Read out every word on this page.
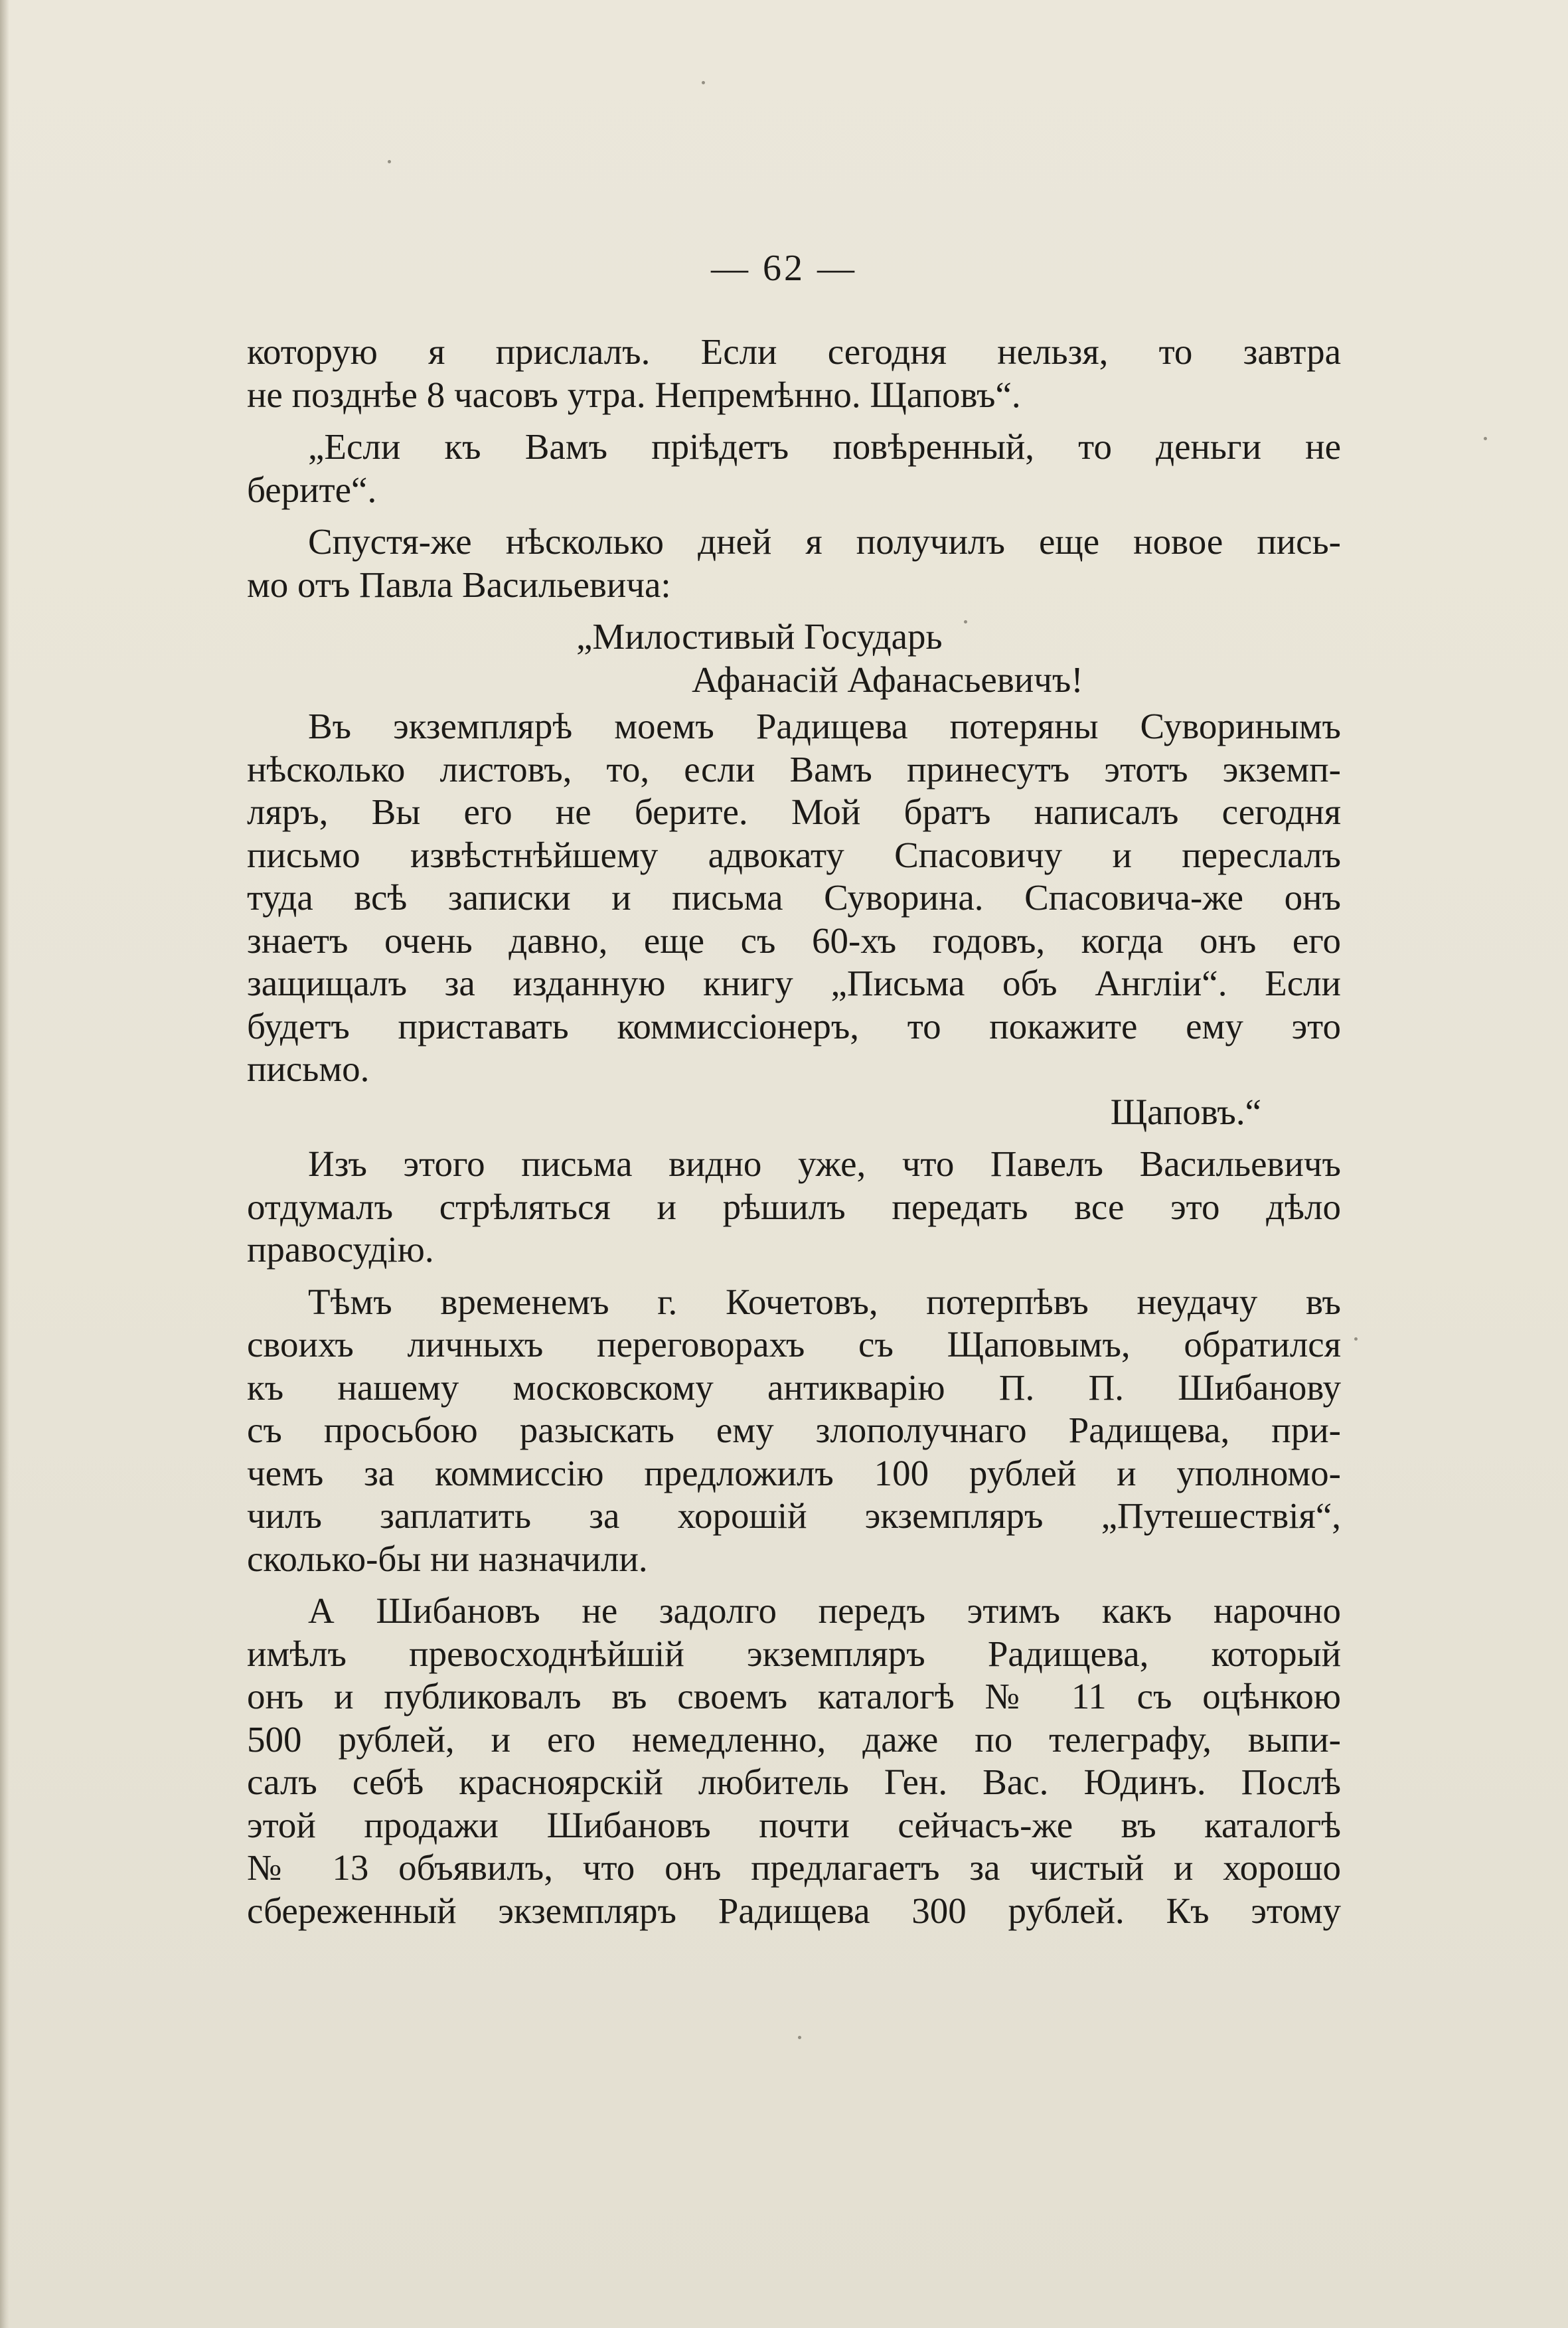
— 62 —
которую я прислалъ. Если сегодня нельзя, то завтра
не позднѣе 8 часовъ утра. Непремѣнно. Щаповъ“.
„Если къ Вамъ пріѣдетъ повѣренный, то деньги не
берите“.
Спустя-же нѣсколько дней я получилъ еще новое пись-
мо отъ Павла Васильевича:
„Милостивый Государь
Афанасій Афанасьевичъ!
Въ экземплярѣ моемъ Радищева потеряны Суворинымъ
нѣсколько листовъ, то, если Вамъ принесутъ этотъ экземп-
ляръ, Вы его не берите. Мой братъ написалъ сегодня
письмо извѣстнѣйшему адвокату Спасовичу и переслалъ
туда всѣ записки и письма Суворина. Спасовича-же онъ
знаетъ очень давно, еще съ 60-хъ годовъ, когда онъ его
защищалъ за изданную книгу „Письма объ Англіи“. Если
будетъ приставать коммиссіонеръ, то покажите ему это
письмо.
Щаповъ.“
Изъ этого письма видно уже, что Павелъ Васильевичъ
отдумалъ стрѣляться и рѣшилъ передать все это дѣло
правосудію.
Тѣмъ временемъ г. Кочетовъ, потерпѣвъ неудачу въ
своихъ личныхъ переговорахъ съ Щаповымъ, обратился
къ нашему московскому антикварію П. П. Шибанову
съ просьбою разыскать ему злополучнаго Радищева, при-
чемъ за коммиссію предложилъ 100 рублей и уполномо-
чилъ заплатить за хорошій экземпляръ „Путешествія“,
сколько-бы ни назначили.
А Шибановъ не задолго передъ этимъ какъ нарочно
имѣлъ превосходнѣйшій экземпляръ Радищева, который
онъ и публиковалъ въ своемъ каталогѣ № 11 съ оцѣнкою
500 рублей, и его немедленно, даже по телеграфу, выпи-
салъ себѣ красноярскій любитель Ген. Вас. Юдинъ. Послѣ
этой продажи Шибановъ почти сейчасъ-же въ каталогѣ
№ 13 объявилъ, что онъ предлагаетъ за чистый и хорошо
сбереженный экземпляръ Радищева 300 рублей. Къ этому
